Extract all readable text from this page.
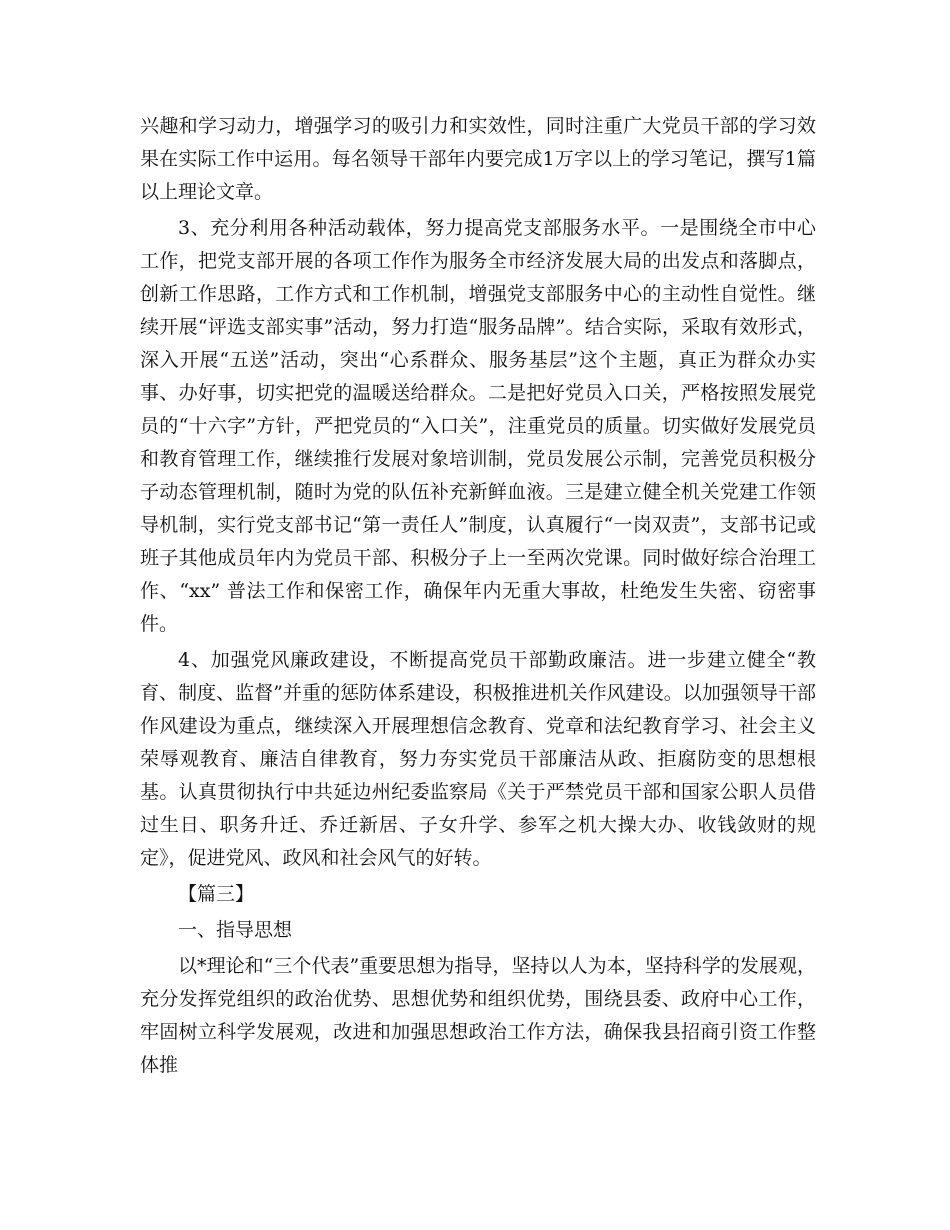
兴趣和学习动力，增强学习的吸引力和实效性，同时注重广大党员干部的学习效果在实际工作中运用。每名领导干部年内要完成1万字以上的学习笔记，撰写1篇以上理论文章。

3、充分利用各种活动载体，努力提高党支部服务水平。一是围绕全市中心工作，把党支部开展的各项工作作为服务全市经济发展大局的出发点和落脚点，创新工作思路，工作方式和工作机制，增强党支部服务中心的主动性自觉性。继续开展“评选支部实事”活动，努力打造“服务品牌”。结合实际，采取有效形式，深入开展“五送”活动，突出“心系群众、服务基层”这个主题，真正为群众办实事、办好事，切实把党的温暖送给群众。二是把好党员入口关，严格按照发展党员的“十六字”方针，严把党员的“入口关”，注重党员的质量。切实做好发展党员和教育管理工作，继续推行发展对象培训制，党员发展公示制，完善党员积极分子动态管理机制，随时为党的队伍补充新鲜血液。三是建立健全机关党建工作领导机制，实行党支部书记“第一责任人”制度，认真履行“一岗双责”，支部书记或班子其他成员年内为党员干部、积极分子上一至两次党课。同时做好综合治理工作、“xx” 普法工作和保密工作，确保年内无重大事故，杜绝发生失密、窃密事件。

4、加强党风廉政建设，不断提高党员干部勤政廉洁。进一步建立健全“教育、制度、监督”并重的惩防体系建设，积极推进机关作风建设。以加强领导干部作风建设为重点，继续深入开展理想信念教育、党章和法纪教育学习、社会主义荣辱观教育、廉洁自律教育，努力夯实党员干部廉洁从政、拒腐防变的思想根基。认真贯彻执行中共延边州纪委监察局《关于严禁党员干部和国家公职人员借过生日、职务升迁、乔迁新居、子女升学、参军之机大操大办、收钱敛财的规定》，促进党风、政风和社会风气的好转。

【篇三】

一、指导思想

以*理论和“三个代表”重要思想为指导，坚持以人为本，坚持科学的发展观，充分发挥党组织的政治优势、思想优势和组织优势，围绕县委、政府中心工作，牢固树立科学发展观，改进和加强思想政治工作方法，确保我县招商引资工作整体推
